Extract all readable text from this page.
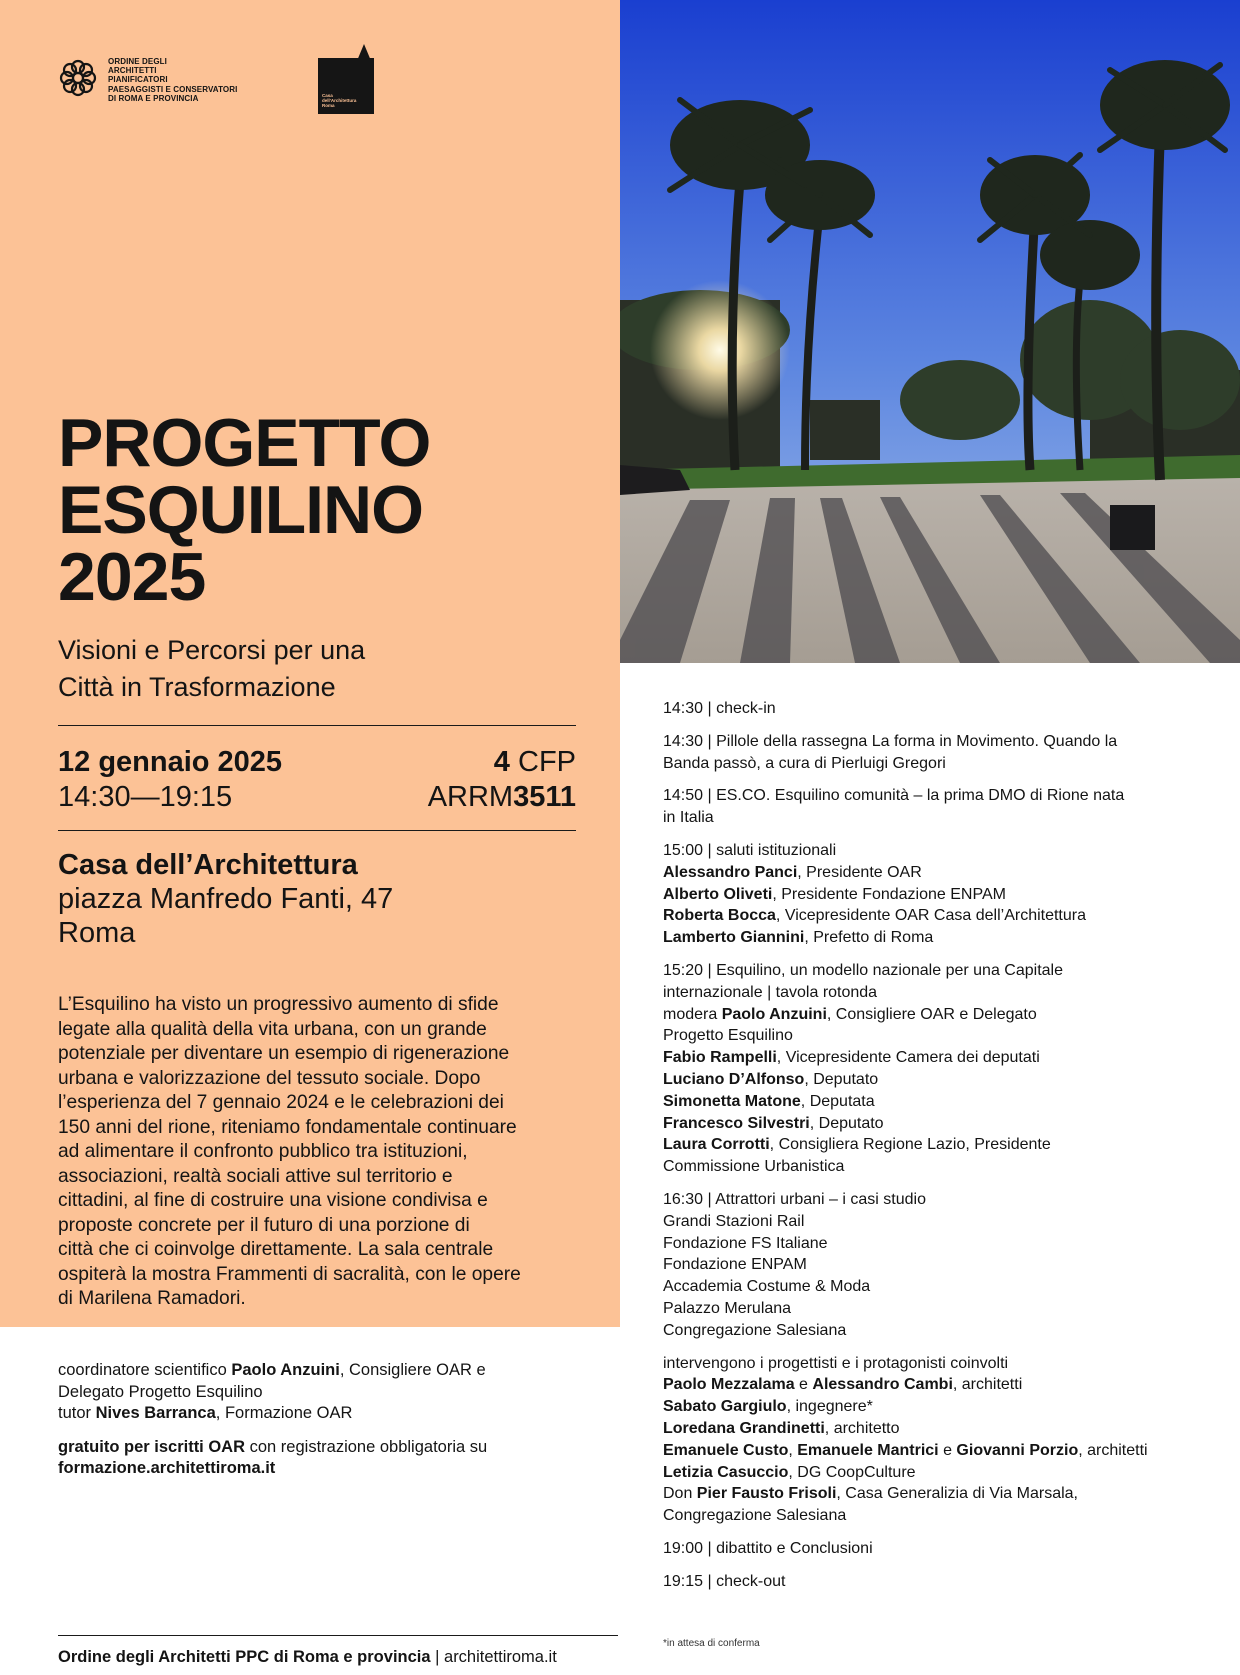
ORDINE DEGLI
ARCHITETTI
PIANIFICATORI
PAESAGGISTI E CONSERVATORI
DI ROMA E PROVINCIA	Casa dell'Architettura Roma
PROGETTO
ESQUILINO
2025
Visioni e Percorsi per una
Città in Trasformazione
12 gennaio 2025
14:30—19:15
4 CFP
ARRM3511
Casa dell’Architettura
piazza Manfredo Fanti, 47
Roma
L’Esquilino ha visto un progressivo aumento di sfide
legate alla qualità della vita urbana, con un grande
potenziale per diventare un esempio di rigenerazione
urbana e valorizzazione del tessuto sociale. Dopo
l’esperienza del 7 gennaio 2024 e le celebrazioni dei
150 anni del rione, riteniamo fondamentale continuare
ad alimentare il confronto pubblico tra istituzioni,
associazioni, realtà sociali attive sul territorio e
cittadini, al fine di costruire una visione condivisa e
proposte concrete per il futuro di una porzione di
città che ci coinvolge direttamente. La sala centrale
ospiterà la mostra Frammenti di sacralità, con le opere
di Marilena Ramadori.

coordinatore scientifico Paolo Anzuini, Consigliere OAR e

Delegato Progetto Esquilino

tutor Nives Barranca, Formazione OAR

gratuito per iscritti OAR con registrazione obbligatoria su

formazione.architettiroma.it

Ordine degli Architetti PPC di Roma e provincia | architettiroma.it
14:30 | check-in
14:30 | Pillole della rassegna La forma in Movimento. Quando la
Banda passò, a cura di Pierluigi Gregori
14:50 | ES.CO. Esquilino comunità – la prima DMO di Rione nata
in Italia
15:00 | saluti istituzionali
Alessandro Panci, Presidente OAR
Alberto Oliveti, Presidente Fondazione ENPAM
Roberta Bocca, Vicepresidente OAR Casa dell’Architettura
Lamberto Giannini, Prefetto di Roma
15:20 | Esquilino, un modello nazionale per una Capitale
internazionale | tavola rotonda
modera Paolo Anzuini, Consigliere OAR e Delegato
Progetto Esquilino
Fabio Rampelli, Vicepresidente Camera dei deputati
Luciano D’Alfonso, Deputato
Simonetta Matone, Deputata
Francesco Silvestri, Deputato
Laura Corrotti, Consigliera Regione Lazio, Presidente
Commissione Urbanistica
16:30 | Attrattori urbani – i casi studio
Grandi Stazioni Rail
Fondazione FS Italiane
Fondazione ENPAM
Accademia Costume & Moda
Palazzo Merulana
Congregazione Salesiana
intervengono i progettisti e i protagonisti coinvolti
Paolo Mezzalama e Alessandro Cambi, architetti
Sabato Gargiulo, ingegnere*
Loredana Grandinetti, architetto
Emanuele Custo, Emanuele Mantrici e Giovanni Porzio, architetti
Letizia Casuccio, DG CoopCulture
Don Pier Fausto Frisoli, Casa Generalizia di Via Marsala,
Congregazione Salesiana
19:00 | dibattito e Conclusioni
19:15 | check-out
*in attesa di conferma
